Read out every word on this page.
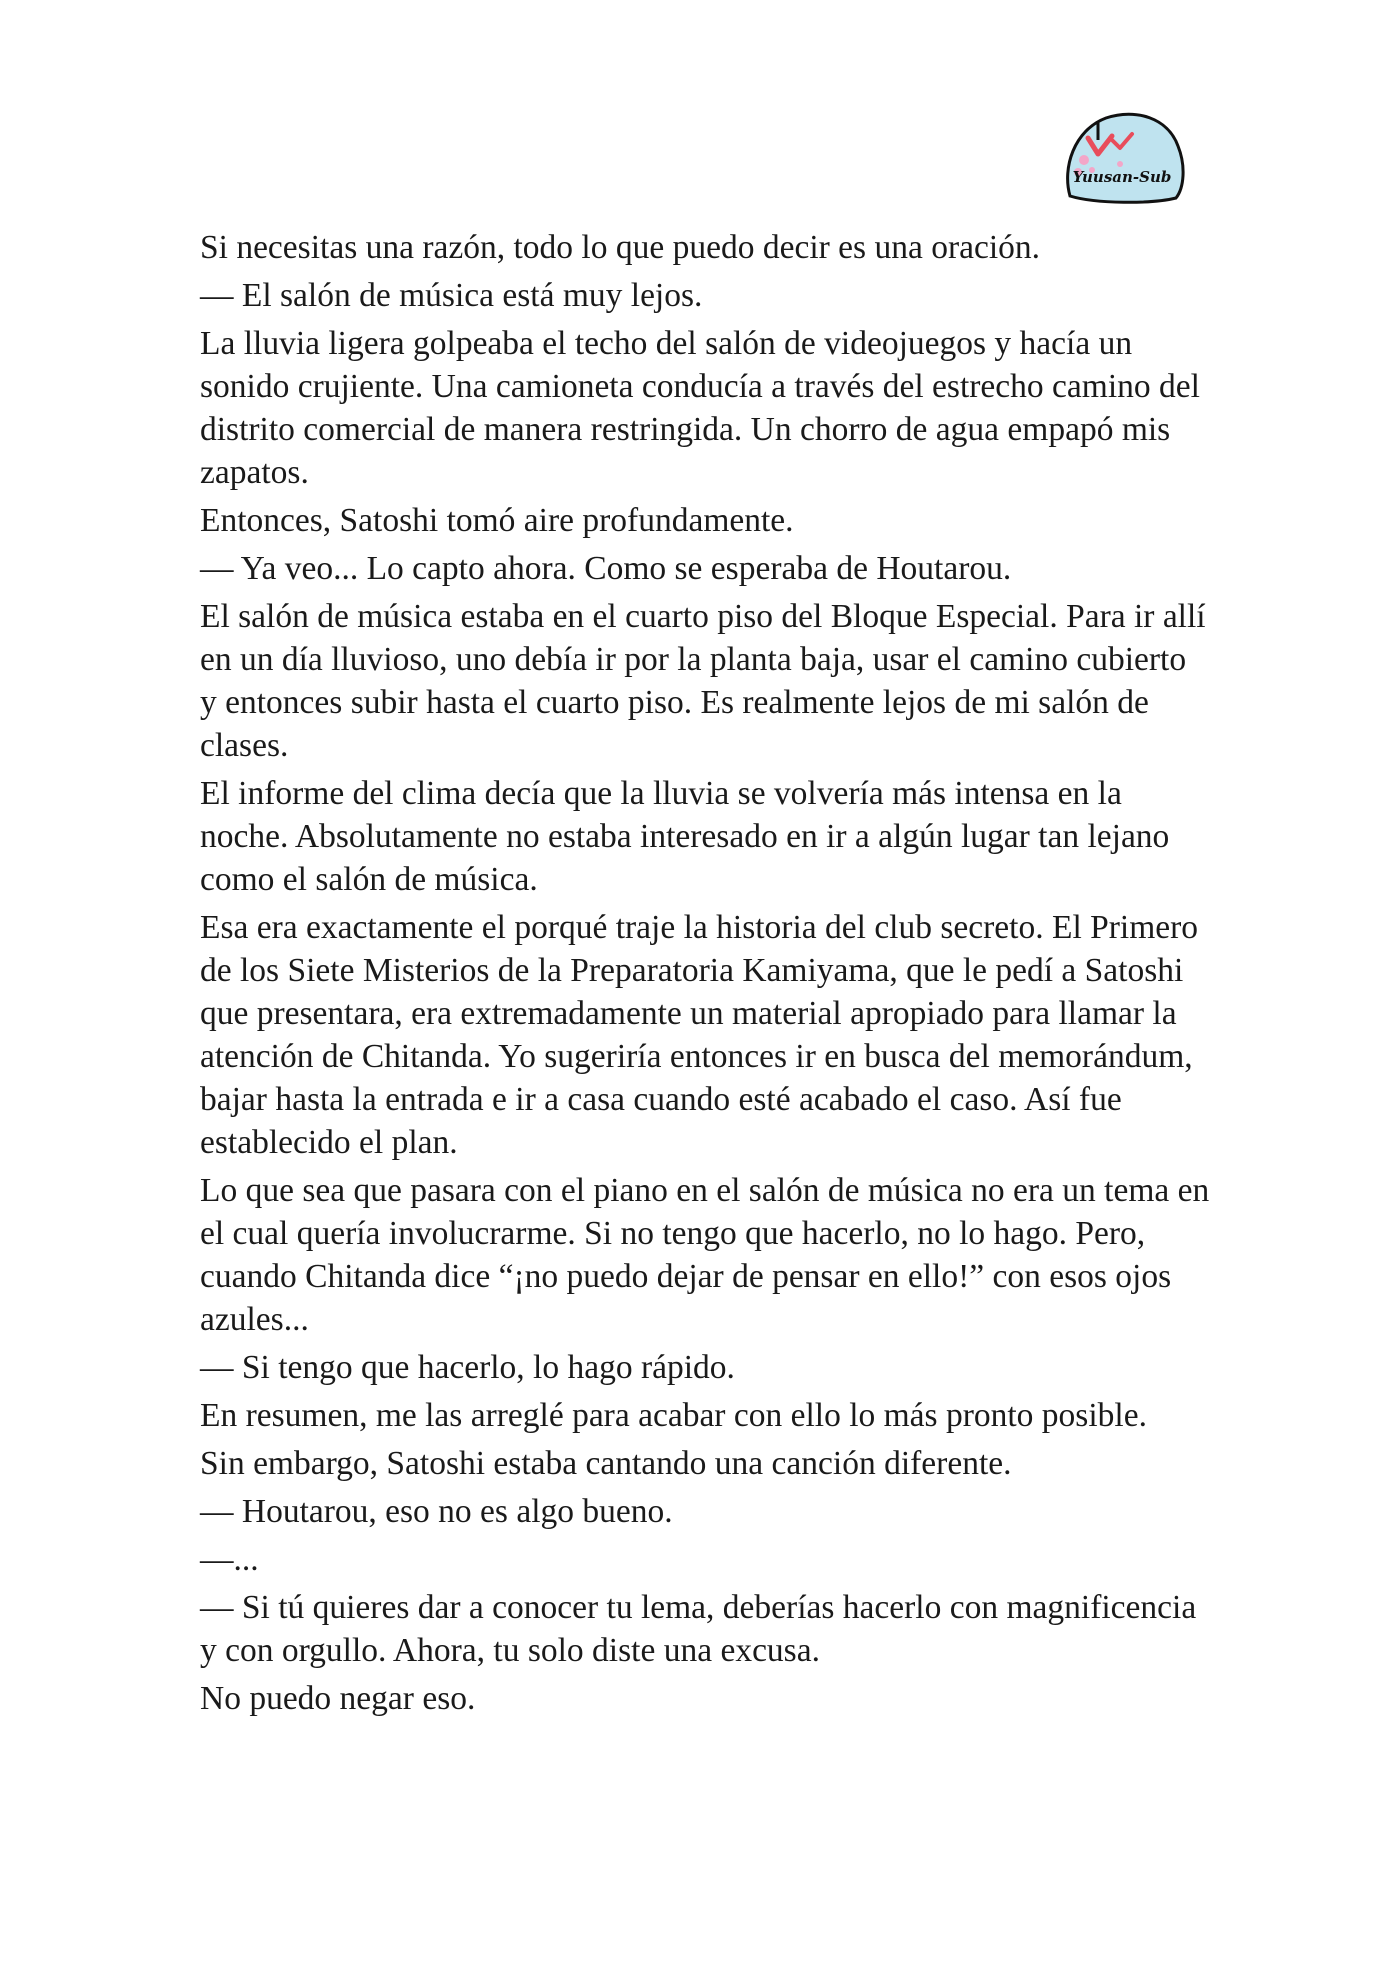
Yuusan-Sub

Si necesitas una razón, todo lo que puedo decir es una oración.

— El salón de música está muy lejos.

La lluvia ligera golpeaba el techo del salón de videojuegos y hacía un sonido crujiente. Una camioneta conducía a través del estrecho camino del distrito comercial de manera restringida. Un chorro de agua empapó mis zapatos.

Entonces, Satoshi tomó aire profundamente.

— Ya veo... Lo capto ahora. Como se esperaba de Houtarou.

El salón de música estaba en el cuarto piso del Bloque Especial. Para ir allí en un día lluvioso, uno debía ir por la planta baja, usar el camino cubierto y entonces subir hasta el cuarto piso. Es realmente lejos de mi salón de clases.

El informe del clima decía que la lluvia se volvería más intensa en la noche. Absolutamente no estaba interesado en ir a algún lugar tan lejano como el salón de música.

Esa era exactamente el porqué traje la historia del club secreto. El Primero de los Siete Misterios de la Preparatoria Kamiyama, que le pedí a Satoshi que presentara, era extremadamente un material apropiado para llamar la atención de Chitanda. Yo sugeriría entonces ir en busca del memorándum, bajar hasta la entrada e ir a casa cuando esté acabado el caso. Así fue establecido el plan.

Lo que sea que pasara con el piano en el salón de música no era un tema en el cual quería involucrarme. Si no tengo que hacerlo, no lo hago. Pero, cuando Chitanda dice “¡no puedo dejar de pensar en ello!” con esos ojos azules...

— Si tengo que hacerlo, lo hago rápido.

En resumen, me las arreglé para acabar con ello lo más pronto posible.

Sin embargo, Satoshi estaba cantando una canción diferente.

— Houtarou, eso no es algo bueno.

—...

— Si tú quieres dar a conocer tu lema, deberías hacerlo con magnificencia y con orgullo. Ahora, tu solo diste una excusa.

No puedo negar eso.
